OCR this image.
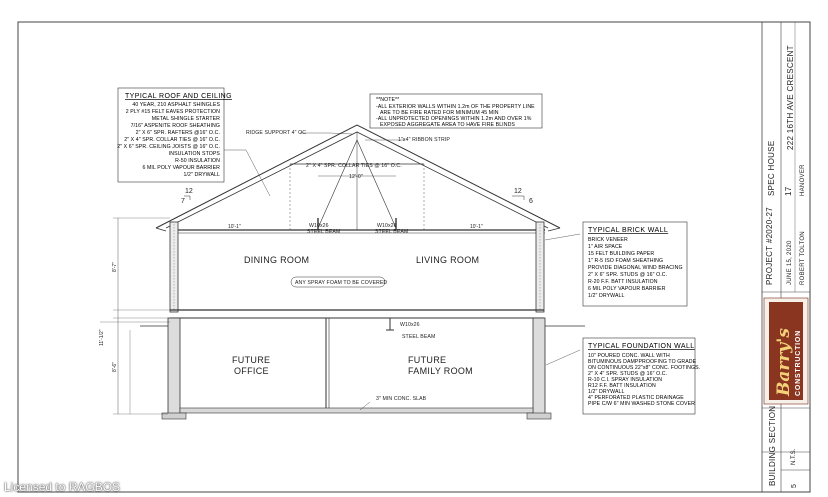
PROJECT #2020-27 JUNE 15, 2020 ROBERT TOLTON
SPEC HOUSE 17
222 16TH AVE CRESCENT
HANOVER
Barry's CONSTRUCTION
BUILDING SECTION N.T.S.
5
TYPICAL ROOF AND CEILING
40 YEAR, 210 ASPHALT SHINGLES
2 PLY #15 FELT EAVES PROTECTION
METAL SHINGLE STARTER
7/16" ASPENITE ROOF SHEATHING
2" X 6" SPR. RAFTERS @16" O.C.
2" X 4" SPR. COLLAR TIES @ 16" O.C.
2" X 6" SPR. CEILING JOISTS @ 16" O.C.
INSULATION STOPS
R-50 INSULATION
6 MIL POLY VAPOUR BARRIER
1/2" DRYWALL
**NOTE**
-ALL EXTERIOR WALLS WITHIN 1.2m OF THE PROPERTY LINE
ARE TO BE FIRE RATED FOR MINIMUM 45 MIN
-ALL UNPROTECTED OPENINGS WITHIN 1.2m AND OVER 1%
EXPOSED AGGREGATE AREA TO HAVE FIRE BLINDS
TYPICAL BRICK WALL
BRICK VENEER
1" AIR SPACE
15 FELT BUILDING PAPER
1" R-5 ISO FOAM SHEATHING
PROVIDE DIAGONAL WIND BRACING
2" X 6" SPR. STUDS @ 16" O.C.
R-20 F.F. BATT INSULATION
6 MIL POLY VAPOUR BARRIER
1/2" DRYWALL
TYPICAL FOUNDATION WALL
10" POURED CONC. WALL WITH
BITUMINOUS DAMPPROOFING TO GRADE
ON CONTINUOUS 22"x8" CONC. FOOTINGS.
2" X 4" SPR. STUDS @ 16" O.C.
R-10 C.I. SPRAY INSULATION
R12 F.F. BATT INSULATION
1/2" DRYWALL
4" PERFORATED PLASTIC DRAINAGE
PIPE C/W 6" MIN WASHED STONE COVER
RIDGE SUPPORT 4" OC
1"x4" RIBBON STRIP
2" X 4" SPR. COLLAR TIES @ 16" O.C.
12'-0"
W10x26
STEEL BEAM
W10x26
STEEL BEAM
10'-1"	10'-1"
DINING ROOM	LIVING ROOM
ANY SPRAY FOAM TO BE COVERED
W10x26
STEEL BEAM
FUTURE
OFFICE
FUTURE
FAMILY ROOM
3" MIN CONC. SLAB
7
12
6
12
8'-7"
11'-1/2"
8'-6"
Licensed to RAGBOS
